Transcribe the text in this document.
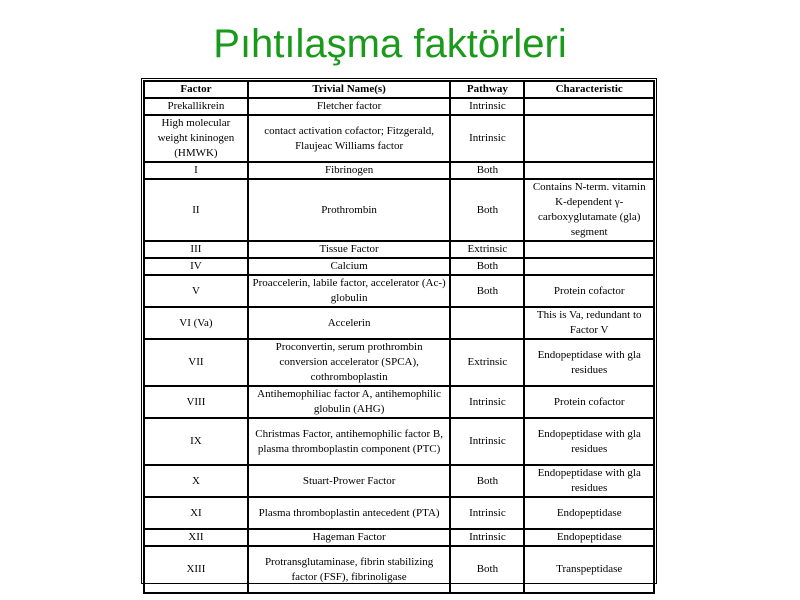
Pıhtılaşma faktörleri
Factor	Trivial Name(s)	Pathway	Characteristic
Prekallikrein	Fletcher factor	Intrinsic	
High molecular weight kininogen (HMWK)	contact activation cofactor; Fitzgerald, Flaujeac Williams factor	Intrinsic	
I	Fibrinogen	Both	
II	Prothrombin	Both	Contains N-term. vitamin K-dependent γ-carboxyglutamate (gla) segment
III	Tissue Factor	Extrinsic	
IV	Calcium	Both	
V	Proaccelerin, labile factor, accelerator (Ac-) globulin	Both	Protein cofactor
VI (Va)	Accelerin		This is Va, redundant to Factor V
VII	Proconvertin, serum prothrombin conversion accelerator (SPCA), cothromboplastin	Extrinsic	Endopeptidase with gla residues
VIII	Antihemophiliac factor A, antihemophilic globulin (AHG)	Intrinsic	Protein cofactor
IX	Christmas Factor, antihemophilic factor B, plasma thromboplastin component (PTC)	Intrinsic	Endopeptidase with gla residues
X	Stuart-Prower Factor	Both	Endopeptidase with gla residues
XI	Plasma thromboplastin antecedent (PTA)	Intrinsic	Endopeptidase
XII	Hageman Factor	Intrinsic	Endopeptidase
XIII	Protransglutaminase, fibrin stabilizing factor (FSF), fibrinoligase	Both	Transpeptidase
